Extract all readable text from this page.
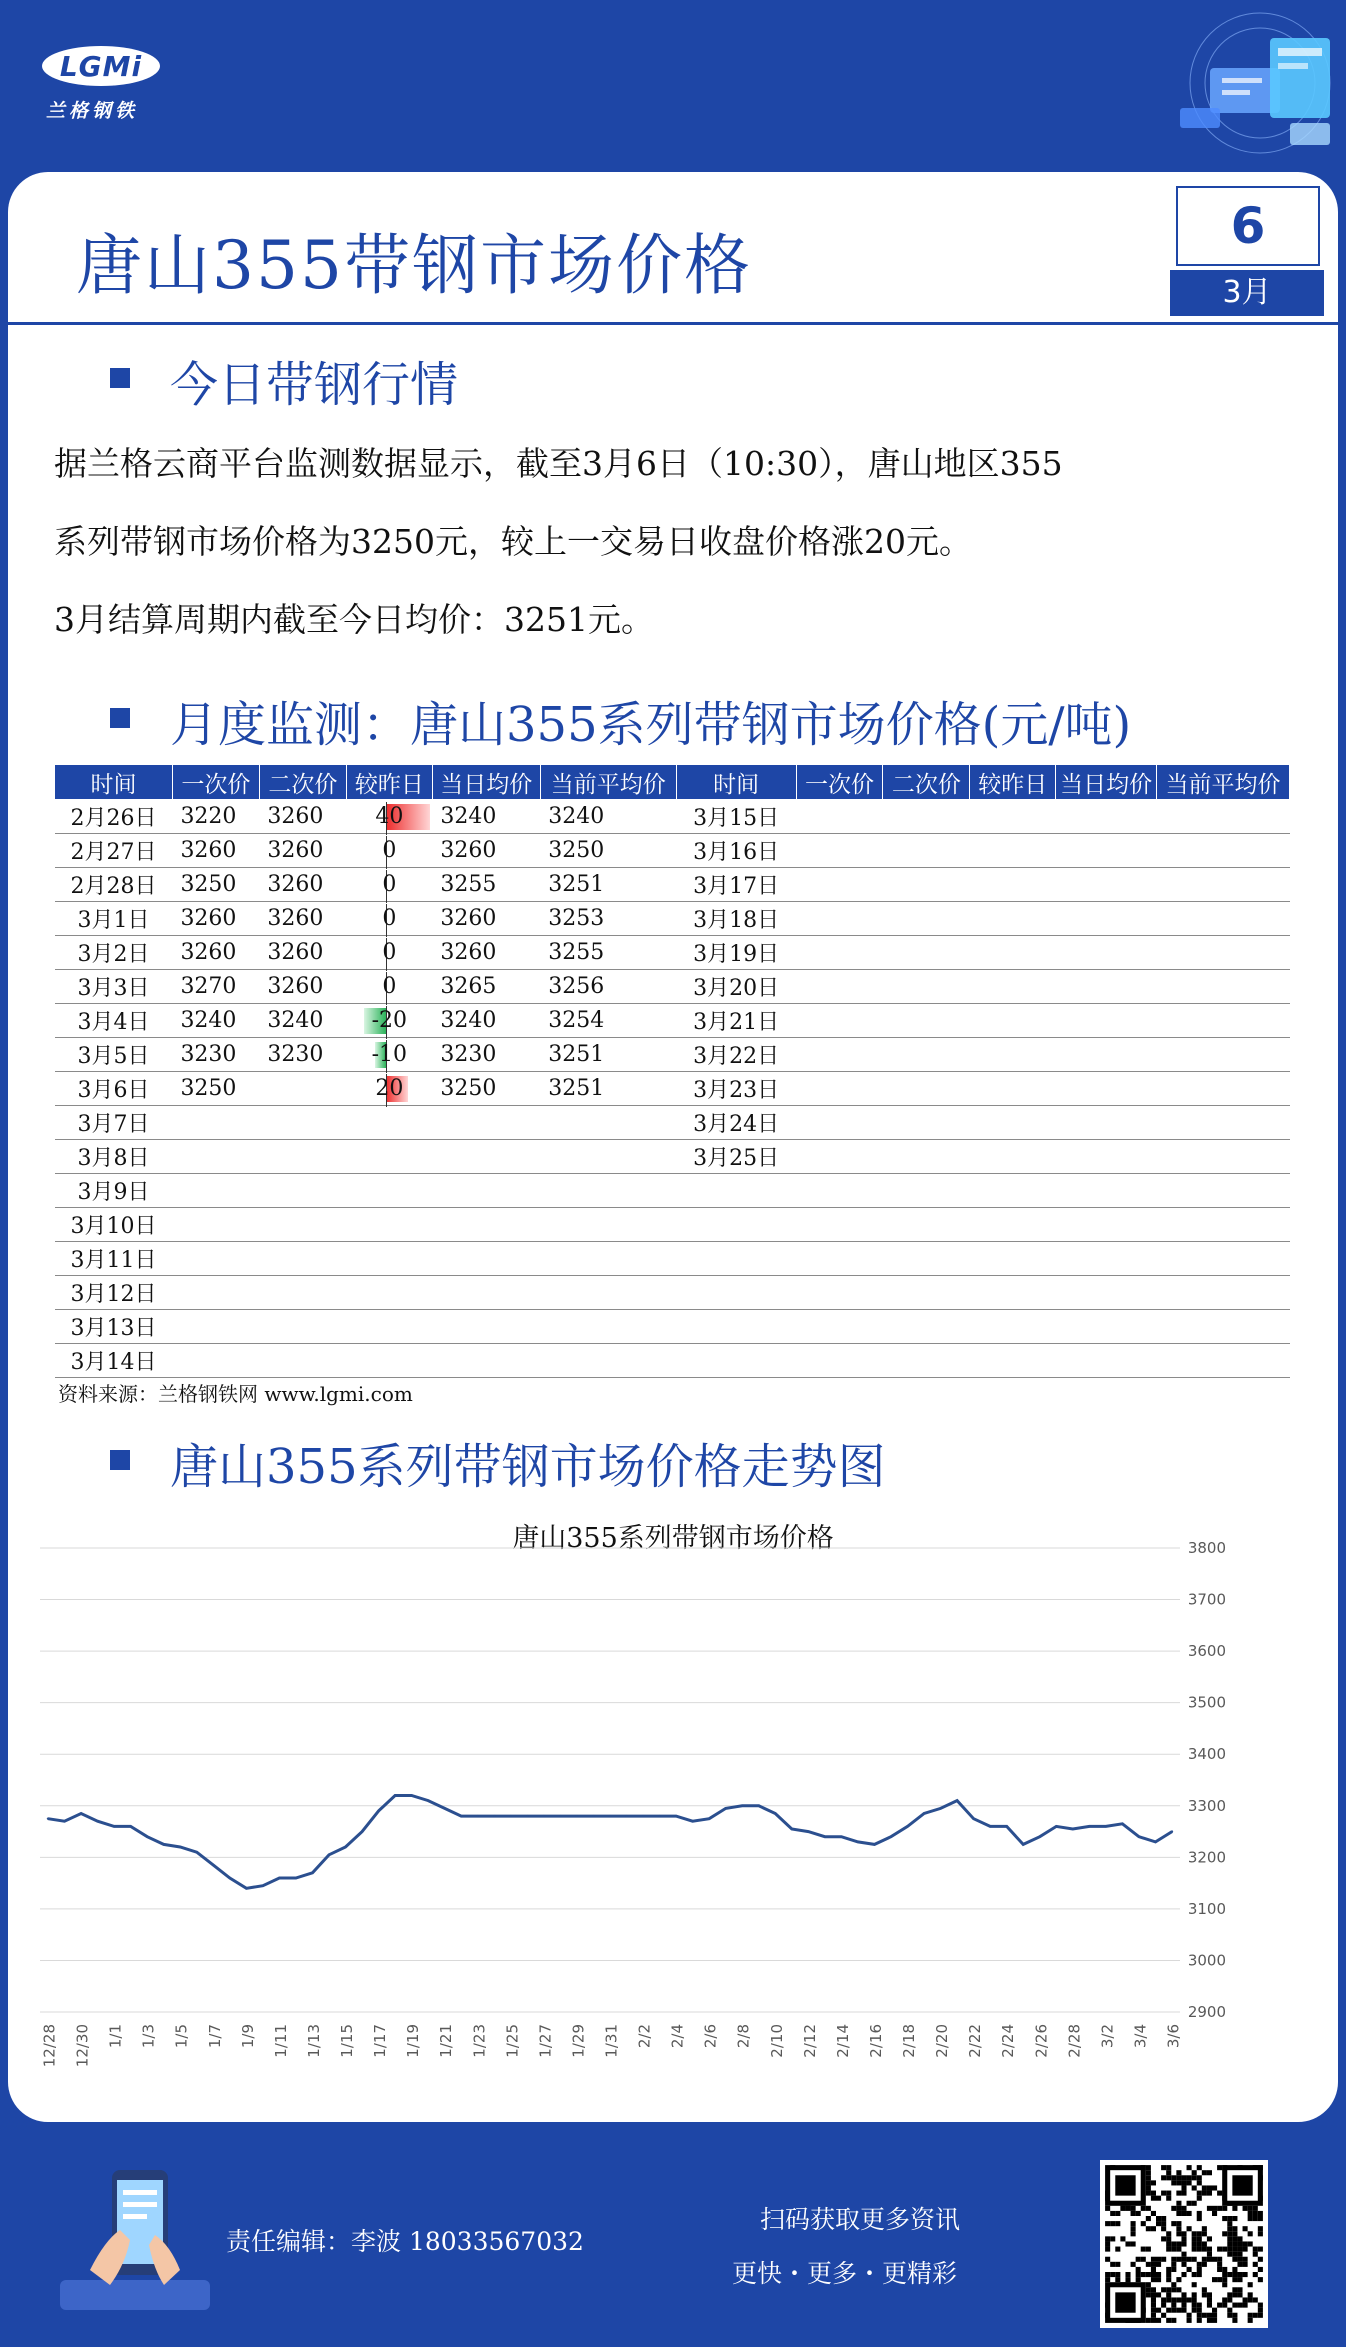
LGMi
兰格钢铁
唐山355带钢市场价格
6
3月
今日带钢行情
据兰格云商平台监测数据显示，截至3月6日（10:30），唐山地区355
系列带钢市场价格为3250元，较上一交易日收盘价格涨20元。
3月结算周期内截至今日均价：3251元。
月度监测：唐山355系列带钢市场价格(元/吨)
时间	一次价	二次价	较昨日	当日均价	当前平均价	时间	一次价	二次价	较昨日	当日均价	当前平均价
2月26日	3220	3260	40	3240	3240	3月15日					
2月27日	3260	3260	0	3260	3250	3月16日					
2月28日	3250	3260	0	3255	3251	3月17日					
3月1日	3260	3260	0	3260	3253	3月18日					
3月2日	3260	3260	0	3260	3255	3月19日					
3月3日	3270	3260	0	3265	3256	3月20日					
3月4日	3240	3240	-20	3240	3254	3月21日					
3月5日	3230	3230	-10	3230	3251	3月22日					
3月6日	3250		20	3250	3251	3月23日					
3月7日						3月24日					
3月8日						3月25日					
3月9日											
3月10日											
3月11日											
3月12日											
3月13日											
3月14日											
资料来源：兰格钢铁网 www.lgmi.com
唐山355系列带钢市场价格走势图
唐山355系列带钢市场价格
2900
3000
3100
3200
3300
3400
3500
3600
3700
3800
12/28 12/30 1/1 1/3 1/5 1/7 1/9 1/11 1/13 1/15 1/17 1/19 1/21 1/23 1/25 1/27 1/29 1/31 2/2 2/4 2/6 2/8 2/10 2/12 2/14 2/16 2/18 2/20 2/22 2/24 2/26 2/28 3/2 3/4 3/6
责任编辑：李波 18033567032
扫码获取更多资讯
更快・更多・更精彩
